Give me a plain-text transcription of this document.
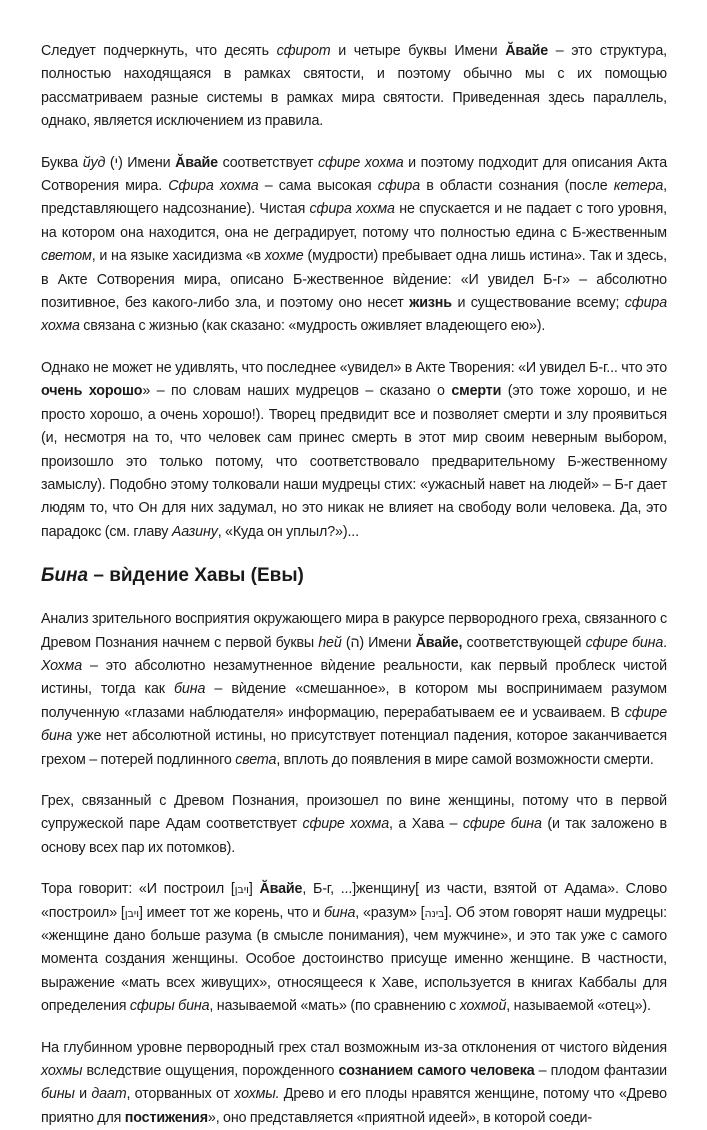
Следует подчеркнуть, что десять сфирот и четыре буквы Имени Ӑвайе – это структура, полностью находящаяся в рамках святости, и поэтому обычно мы с их помощью рассматриваем разные системы в рамках мира святости. Приведенная здесь параллель, однако, является исключением из правила.

Буква йуд (י) Имени Ӑвайе соответствует сфире хохма и поэтому подходит для описания Акта Сотворения мира. Сфира хохма – сама высокая сфира в области сознания (после кетера, представляющего надсознание). Чистая сфира хохма не спускается и не падает с того уровня, на котором она находится, она не деградирует, потому что полностью едина с Б-жественным светом, и на языке хасидизма «в хохме (мудрости) пребывает одна лишь истина». Так и здесь, в Акте Сотворения мира, описано Б-жественное вѝдение: «И увидел Б-г» – абсолютно позитивное, без какого-либо зла, и поэтому оно несет жизнь и существование всему; сфира хохма связана с жизнью (как сказано: «мудрость оживляет владеющего ею»).

Однако не может не удивлять, что последнее «увидел» в Акте Творения: «И увидел Б-г... что это очень хорошо» – по словам наших мудрецов – сказано о смерти (это тоже хорошо, и не просто хорошо, а очень хорошо!). Творец предвидит все и позволяет смерти и злу проявиться (и, несмотря на то, что человек сам принес смерть в этот мир своим неверным выбором, произошло это только потому, что соответствовало предварительному Б-жественному замыслу). Подобно этому толковали наши мудрецы стих: «ужасный навет на людей» – Б-г дает людям то, что Он для них задумал, но это никак не влияет на свободу воли человека. Да, это парадокс (см. главу Аазину, «Куда он уплыл?»)...

Бина – вѝдение Хавы (Евы)

Анализ зрительного восприятия окружающего мира в ракурсе первородного греха, связанного с Древом Познания начнем с первой буквы hей (ה) Имени Ӑвайе, соответствующей сфире бина. Хохма – это абсолютно незамутненное вѝдение реальности, как первый проблеск чистой истины, тогда как бина – вѝдение «смешанное», в котором мы воспринимаем разумом полученную «глазами наблюдателя» информацию, перерабатываем ее и усваиваем. В сфире бина уже нет абсолютной истины, но присутствует потенциал падения, которое заканчивается грехом – потерей подлинного света, вплоть до появления в мире самой возможности смерти.

Грех, связанный с Древом Познания, произошел по вине женщины, потому что в первой супружеской паре Адам соответствует сфире хохма, а Хава – сфире бина (и так заложено в основу всех пар их потомков).

Тора говорит: «И построил [ויבן] Ӑвайе, Б-г, ...]женщину[ из части, взятой от Адама». Слово «построил» [ויבן] имеет тот же корень, что и бина, «разум» [בינה]. Об этом говорят наши мудрецы: «женщине дано больше разума (в смысле понимания), чем мужчине», и это так уже с самого момента создания женщины. Особое достоинство присуще именно женщине. В частности, выражение «мать всех живущих», относящееся к Хаве, используется в книгах Каббалы для определения сфиры бина, называемой «мать» (по сравнению с хохмой, называемой «отец»).

На глубинном уровне первородный грех стал возможным из-за отклонения от чистого вѝдения хохмы вследствие ощущения, порожденного сознанием самого человека – плодом фантазии бины и даат, оторванных от хохмы. Древо и его плоды нравятся женщине, потому что «Древо приятно для постижения», оно представляется «приятной идеей», в которой соеди-
